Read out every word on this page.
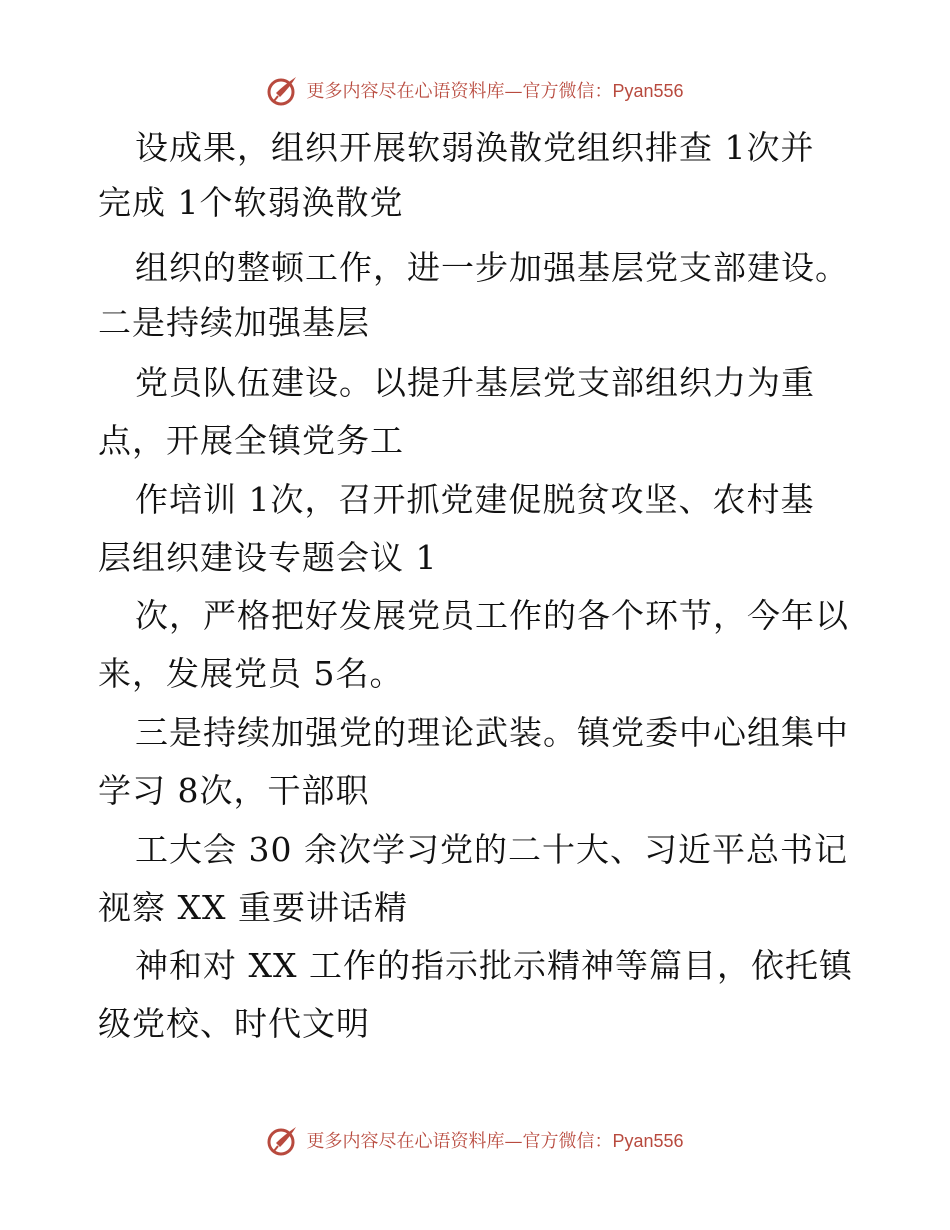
更多内容尽在心语资料库—官方微信：Pyan556
设成果，组织开展软弱涣散党组织排查 1次并
完成 1个软弱涣散党
组织的整顿工作，进一步加强基层党支部建设。
二是持续加强基层
党员队伍建设。以提升基层党支部组织力为重
点，开展全镇党务工
作培训 1次，召开抓党建促脱贫攻坚、农村基
层组织建设专题会议 1
次，严格把好发展党员工作的各个环节，今年以
来，发展党员 5名。
三是持续加强党的理论武装。镇党委中心组集中
学习 8次，干部职
工大会 30 余次学习党的二十大、习近平总书记
视察 XX 重要讲话精
神和对 XX 工作的指示批示精神等篇目，依托镇
级党校、时代文明
更多内容尽在心语资料库—官方微信：Pyan556
